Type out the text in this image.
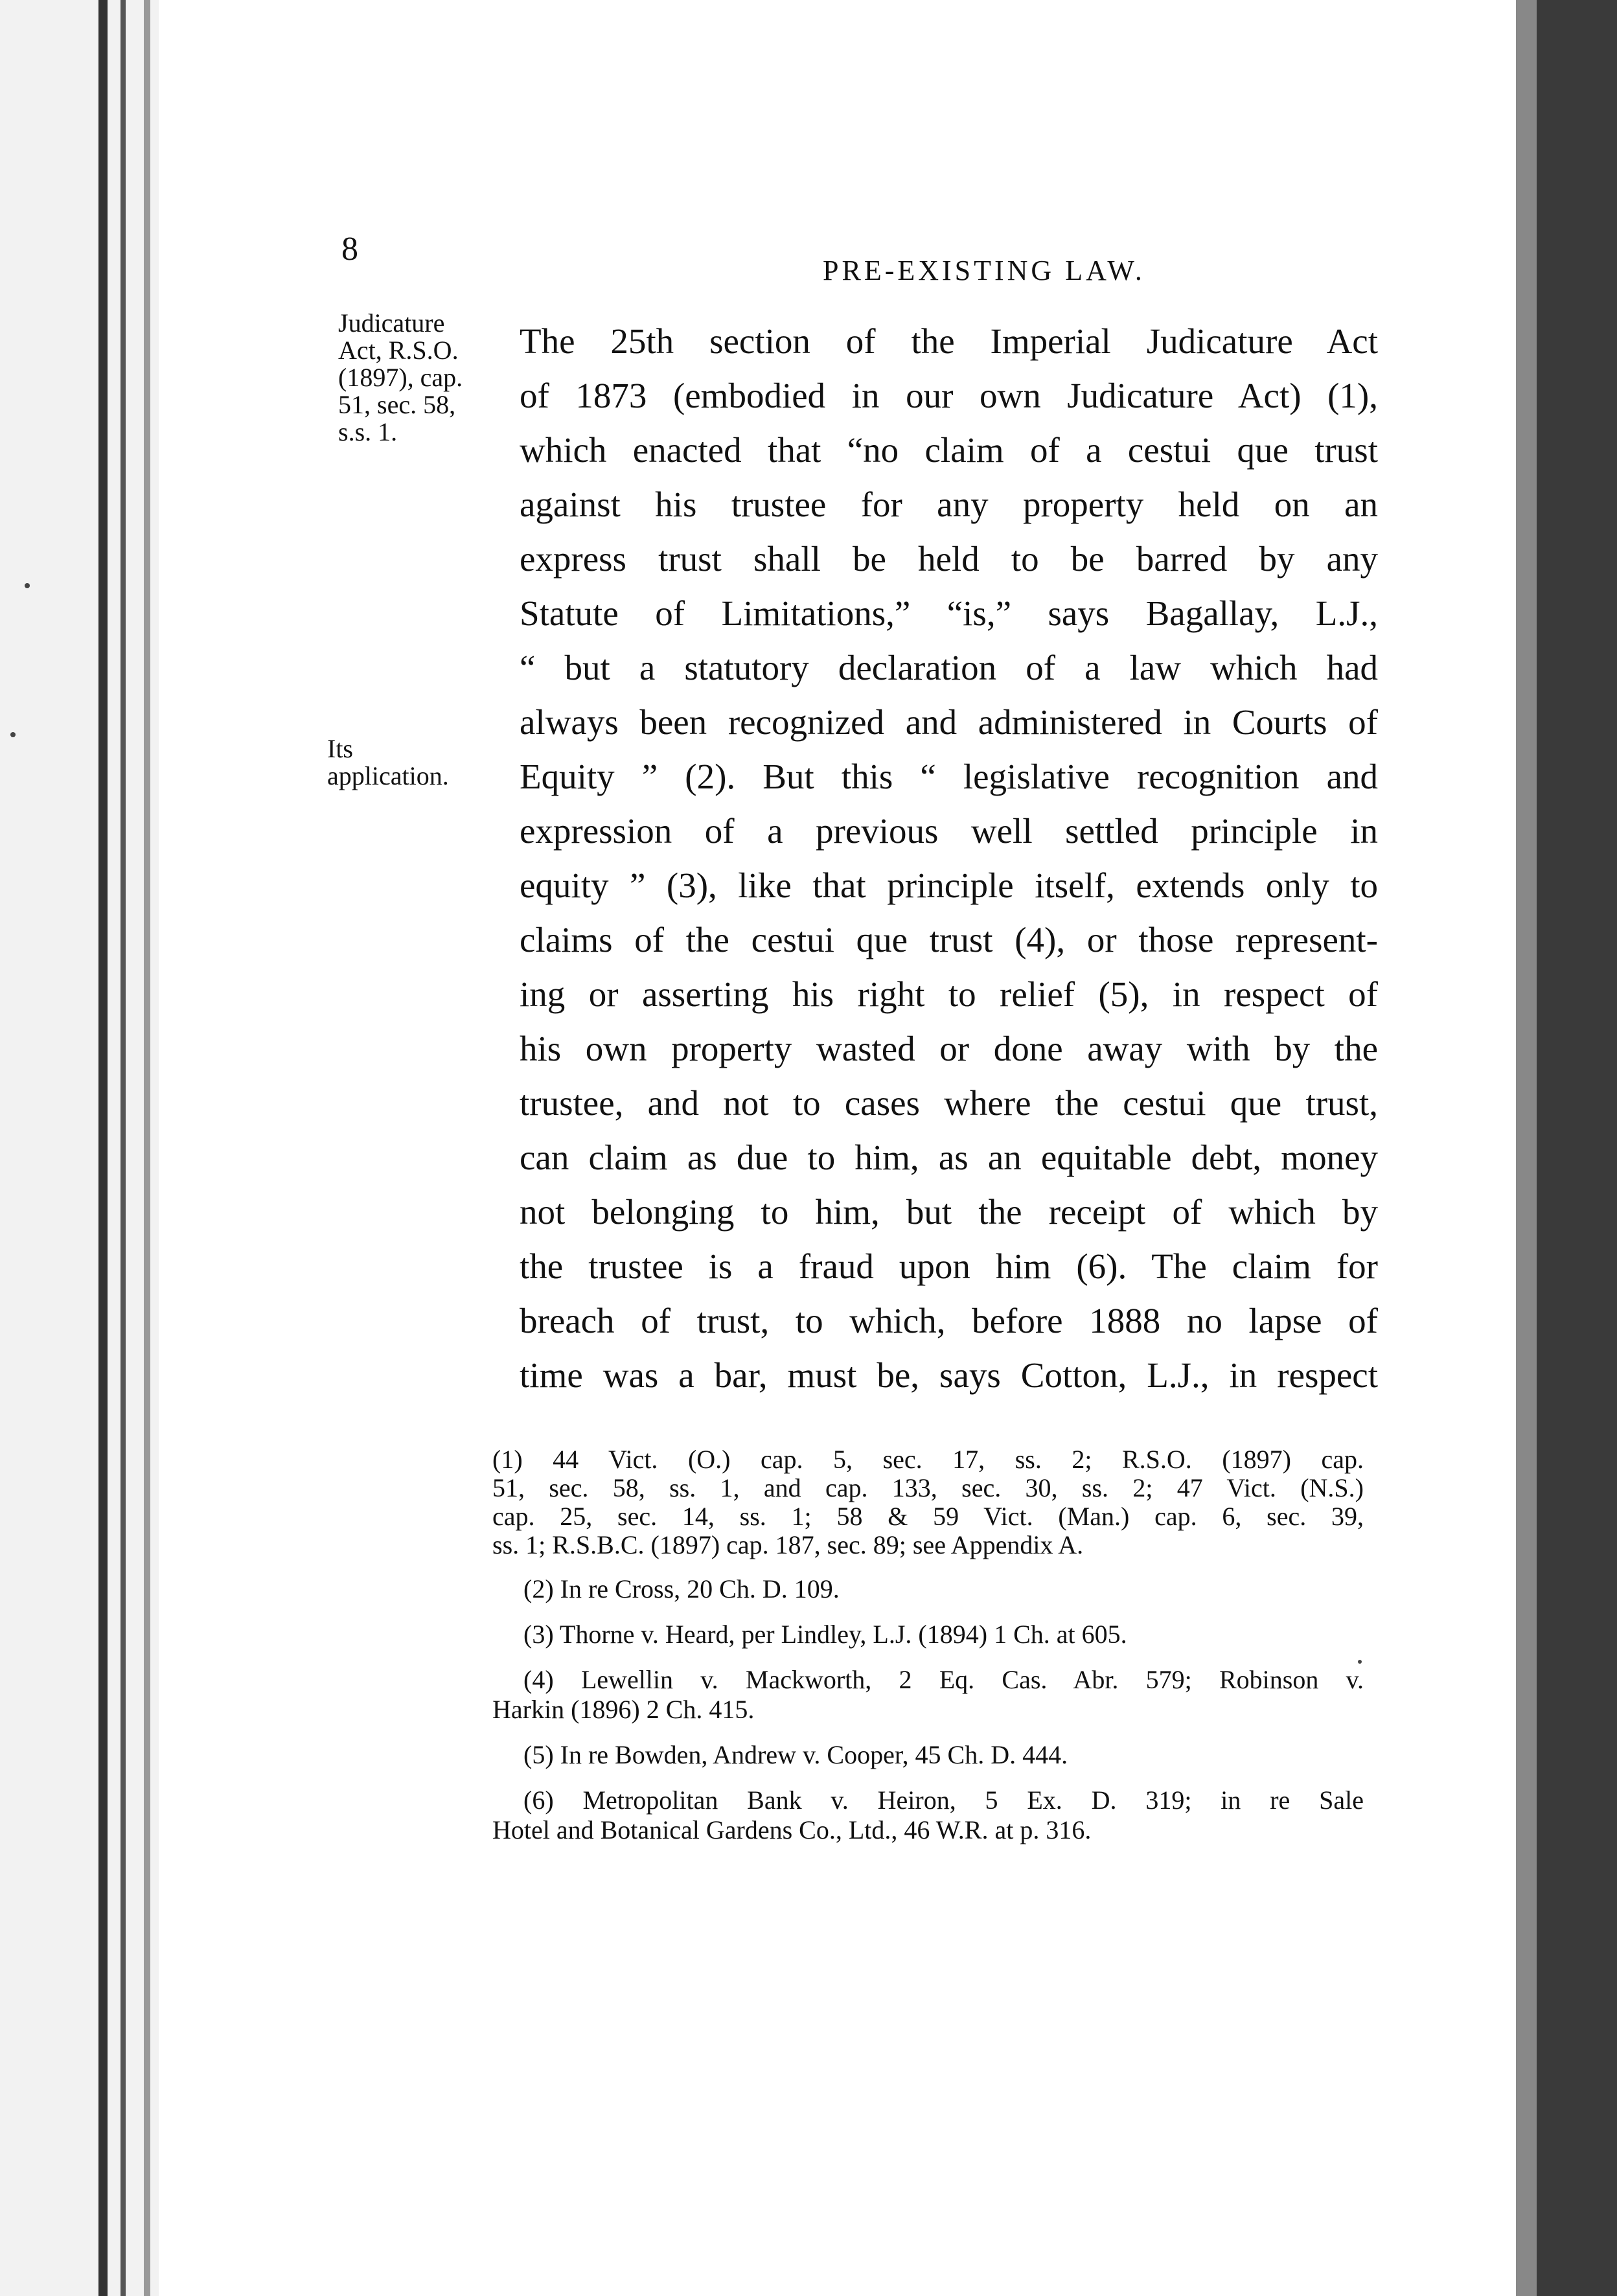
8
PRE-EXISTING LAW.
Judicature
Act, R.S.O.
(1897), cap.
51, sec. 58,
s.s. 1.
Its
application.
The 25th section of the Imperial Judicature Act
of 1873 (embodied in our own Judicature Act) (1),
which enacted that “no claim of a cestui que trust
against his trustee for any property held on an
express trust shall be held to be barred by any
Statute of Limitations,” “is,” says Bagallay, L.J.,
“ but a statutory declaration of a law which had
always been recognized and administered in Courts of
Equity ” (2). But this “ legislative recognition and
expression of a previous well settled principle in
equity ” (3), like that principle itself, extends only to
claims of the cestui que trust (4), or those represent-
ing or asserting his right to relief (5), in respect of
his own property wasted or done away with by the
trustee, and not to cases where the cestui que trust,
can claim as due to him, as an equitable debt, money
not belonging to him, but the receipt of which by
the trustee is a fraud upon him (6). The claim for
breach of trust, to which, before 1888 no lapse of
time was a bar, must be, says Cotton, L.J., in respect
(1) 44 Vict. (O.) cap. 5, sec. 17, ss. 2; R.S.O. (1897) cap.
51, sec. 58, ss. 1, and cap. 133, sec. 30, ss. 2; 47 Vict. (N.S.)
cap. 25, sec. 14, ss. 1; 58 & 59 Vict. (Man.) cap. 6, sec. 39,
ss. 1; R.S.B.C. (1897) cap. 187, sec. 89; see Appendix A.
(2) In re Cross, 20 Ch. D. 109.
(3) Thorne v. Heard, per Lindley, L.J. (1894) 1 Ch. at 605.
(4) Lewellin v. Mackworth, 2 Eq. Cas. Abr. 579; Robinson v.
Harkin (1896) 2 Ch. 415.
(5) In re Bowden, Andrew v. Cooper, 45 Ch. D. 444.
(6) Metropolitan Bank v. Heiron, 5 Ex. D. 319; in re Sale
Hotel and Botanical Gardens Co., Ltd., 46 W.R. at p. 316.
